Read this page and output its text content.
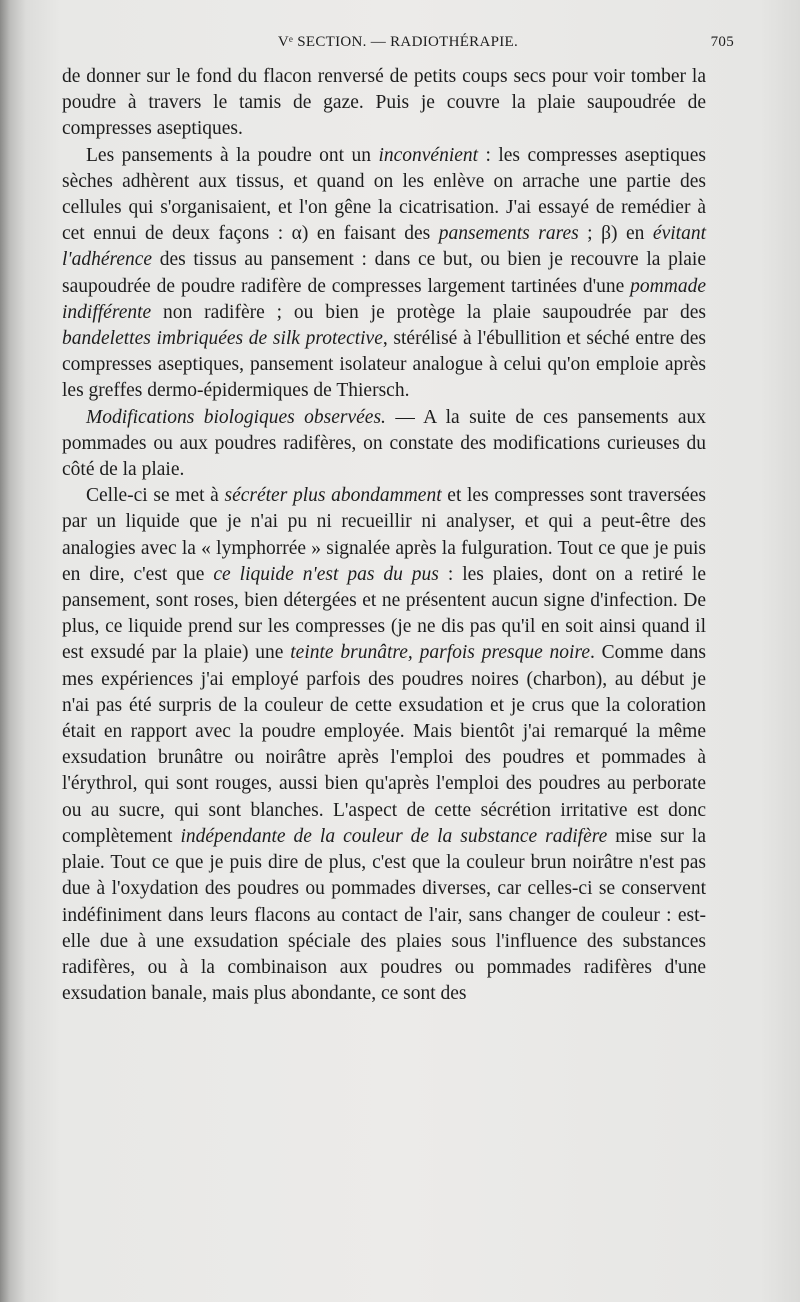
Vᵉ SECTION. — RADIOTHÉRAPIE.	705

de donner sur le fond du flacon renversé de petits coups secs pour voir tomber la poudre à travers le tamis de gaze. Puis je couvre la plaie saupoudrée de compresses aseptiques.

Les pansements à la poudre ont un inconvénient : les compresses aseptiques sèches adhèrent aux tissus, et quand on les enlève on arrache une partie des cellules qui s'organisaient, et l'on gêne la cicatrisation. J'ai essayé de remédier à cet ennui de deux façons : α) en faisant des pansements rares ; β) en évitant l'adhérence des tissus au pansement : dans ce but, ou bien je recouvre la plaie saupoudrée de poudre radifère de compresses largement tartinées d'une pommade indifférente non radifère ; ou bien je protège la plaie saupoudrée par des bandelettes imbriquées de silk protective, stérélisé à l'ébullition et séché entre des compresses aseptiques, pansement isolateur analogue à celui qu'on emploie après les greffes dermo-épidermiques de Thiersch.

Modifications biologiques observées. — A la suite de ces pansements aux pommades ou aux poudres radifères, on constate des modifications curieuses du côté de la plaie.

Celle-ci se met à sécréter plus abondamment et les compresses sont traversées par un liquide que je n'ai pu ni recueillir ni analyser, et qui a peut-être des analogies avec la « lymphorrée » signalée après la fulguration. Tout ce que je puis en dire, c'est que ce liquide n'est pas du pus : les plaies, dont on a retiré le pansement, sont roses, bien détergées et ne présentent aucun signe d'infection. De plus, ce liquide prend sur les compresses (je ne dis pas qu'il en soit ainsi quand il est exsudé par la plaie) une teinte brunâtre, parfois presque noire. Comme dans mes expériences j'ai employé parfois des poudres noires (charbon), au début je n'ai pas été surpris de la couleur de cette exsudation et je crus que la coloration était en rapport avec la poudre employée. Mais bientôt j'ai remarqué la même exsudation brunâtre ou noirâtre après l'emploi des poudres et pommades à l'érythrol, qui sont rouges, aussi bien qu'après l'emploi des poudres au perborate ou au sucre, qui sont blanches. L'aspect de cette sécrétion irritative est donc complètement indépendante de la couleur de la substance radifère mise sur la plaie. Tout ce que je puis dire de plus, c'est que la couleur brun noirâtre n'est pas due à l'oxydation des poudres ou pommades diverses, car celles-ci se conservent indéfiniment dans leurs flacons au contact de l'air, sans changer de couleur : est-elle due à une exsudation spéciale des plaies sous l'influence des substances radifères, ou à la combinaison aux poudres ou pommades radifères d'une exsudation banale, mais plus abondante, ce sont des
